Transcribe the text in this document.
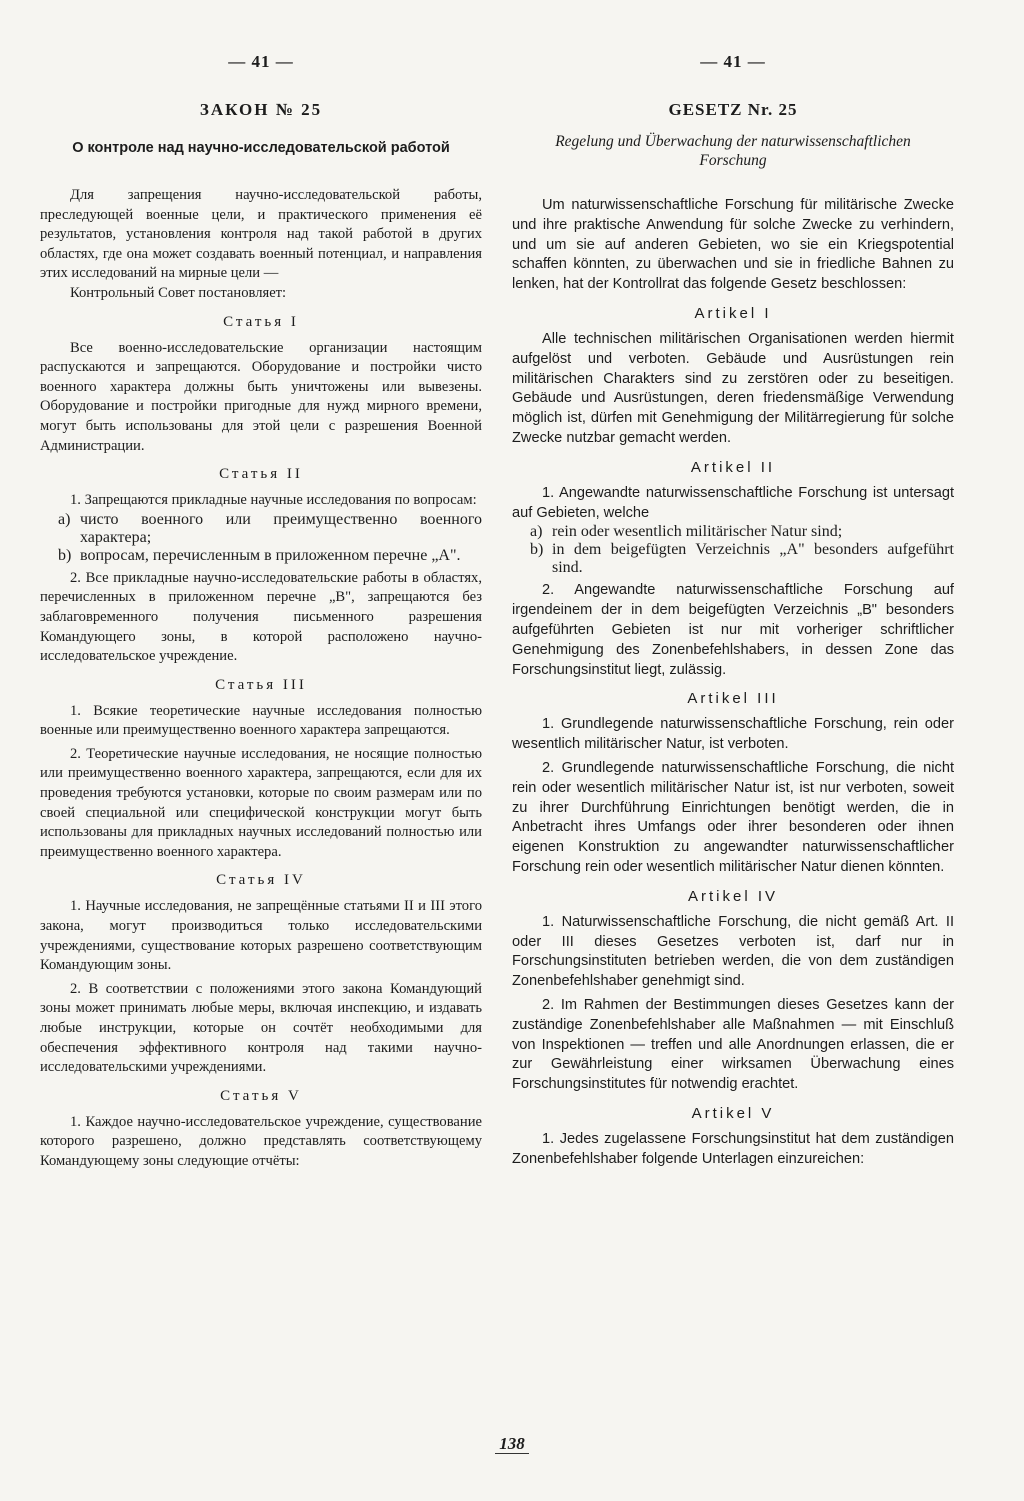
— 41 —
ЗАКОН № 25
О контроле над научно-исследовательской работой

Для запрещения научно-исследовательской работы, преследующей военные цели, и практического применения её результатов, установления контроля над такой работой в других областях, где она может создавать военный потенциал, и направления этих исследований на мирные цели —

Контрольный Совет постановляет:

Статья I

Все военно-исследовательские организации настоящим распускаются и запрещаются. Оборудование и постройки чисто военного характера должны быть уничтожены или вывезены. Оборудование и постройки пригодные для нужд мирного времени, могут быть использованы для этой цели с разрешения Военной Администрации.

Статья II

1. Запрещаются прикладные научные исследования по вопросам:

а) чисто военного или преимущественно военного характера;
b) вопросам, перечисленным в приложенном перечне „А".

2. Все прикладные научно-исследовательские работы в областях, перечисленных в приложенном перечне „В", запрещаются без заблаговременного получения письменного разрешения Командующего зоны, в которой расположено научно-исследовательское учреждение.

Статья III

1. Всякие теоретические научные исследования полностью военные или преимущественно военного характера запрещаются.

2. Теоретические научные исследования, не носящие полностью или преимущественно военного характера, запрещаются, если для их проведения требуются установки, которые по своим размерам или по своей специальной или специфической конструкции могут быть использованы для прикладных научных исследований полностью или преимущественно военного характера.

Статья IV

1. Научные исследования, не запрещённые статьями II и III этого закона, могут производиться только исследовательскими учреждениями, существование которых разрешено соответствующим Командующим зоны.

2. В соответствии с положениями этого закона Командующий зоны может принимать любые меры, включая инспекцию, и издавать любые инструкции, которые он сочтёт необходимыми для обеспечения эффективного контроля над такими научно-исследовательскими учреждениями.

Статья V

1. Каждое научно-исследовательское учреждение, существование которого разрешено, должно представлять соответствующему Командующему зоны следующие отчёты:

— 41 —
GESETZ Nr. 25
Regelung und Überwachung der naturwissenschaftlichen Forschung

Um naturwissenschaftliche Forschung für militärische Zwecke und ihre praktische Anwendung für solche Zwecke zu verhindern, und um sie auf anderen Gebieten, wo sie ein Kriegspotential schaffen könnten, zu überwachen und sie in friedliche Bahnen zu lenken, hat der Kontrollrat das folgende Gesetz beschlossen:

Artikel I

Alle technischen militärischen Organisationen werden hiermit aufgelöst und verboten. Gebäude und Ausrüstungen rein militärischen Charakters sind zu zerstören oder zu beseitigen. Gebäude und Ausrüstungen, deren friedensmäßige Verwendung möglich ist, dürfen mit Genehmigung der Militärregierung für solche Zwecke nutzbar gemacht werden.

Artikel II

1. Angewandte naturwissenschaftliche Forschung ist untersagt auf Gebieten, welche

a) rein oder wesentlich militärischer Natur sind;
b) in dem beigefügten Verzeichnis „A" besonders aufgeführt sind.

2. Angewandte naturwissenschaftliche Forschung auf irgendeinem der in dem beigefügten Verzeichnis „B" besonders aufgeführten Gebieten ist nur mit vorheriger schriftlicher Genehmigung des Zonenbefehlshabers, in dessen Zone das Forschungsinstitut liegt, zulässig.

Artikel III

1. Grundlegende naturwissenschaftliche Forschung, rein oder wesentlich militärischer Natur, ist verboten.

2. Grundlegende naturwissenschaftliche Forschung, die nicht rein oder wesentlich militärischer Natur ist, ist nur verboten, soweit zu ihrer Durchführung Einrichtungen benötigt werden, die in Anbetracht ihres Umfangs oder ihrer besonderen oder ihnen eigenen Konstruktion zu angewandter naturwissenschaftlicher Forschung rein oder wesentlich militärischer Natur dienen könnten.

Artikel IV

1. Naturwissenschaftliche Forschung, die nicht gemäß Art. II oder III dieses Gesetzes verboten ist, darf nur in Forschungsinstituten betrieben werden, die von dem zuständigen Zonenbefehlshaber genehmigt sind.

2. Im Rahmen der Bestimmungen dieses Gesetzes kann der zuständige Zonenbefehlshaber alle Maßnahmen — mit Einschluß von Inspektionen — treffen und alle Anordnungen erlassen, die er zur Gewährleistung einer wirksamen Überwachung eines Forschungsinstitutes für notwendig erachtet.

Artikel V

1. Jedes zugelassene Forschungsinstitut hat dem zuständigen Zonenbefehlshaber folgende Unterlagen einzureichen:

138
